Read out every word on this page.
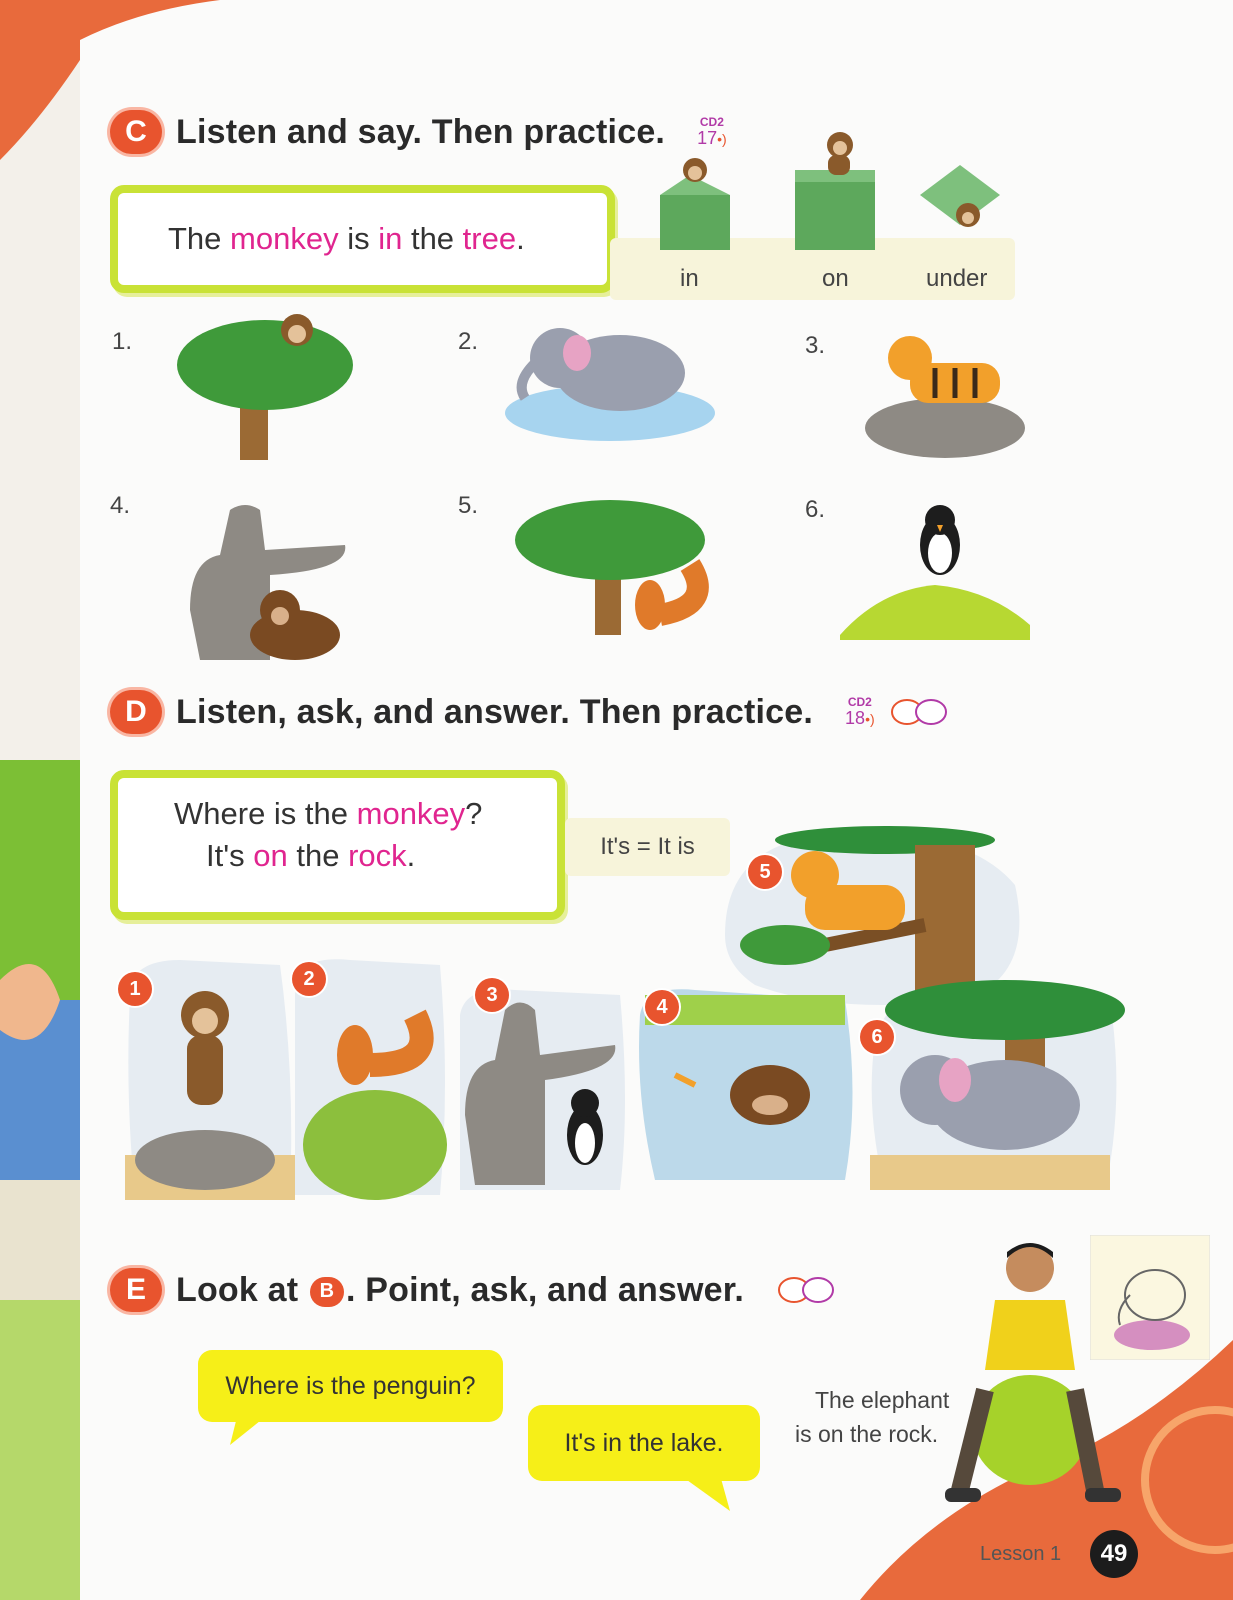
C Listen and say. Then practice.	CD2
17•)
The monkey is in the tree.
in	on	under
1.	2.	3.
4.	5.	6.
D Listen, ask, and answer. Then practice.	CD2
18•)
Where is the monkey?
It's on the rock.	It's = It is
5
1	2
3
4
6
E Look at B . Point, ask, and answer.
Where is the penguin?
It's in the lake.
The elephant
is on the rock.
Lesson 1	49
